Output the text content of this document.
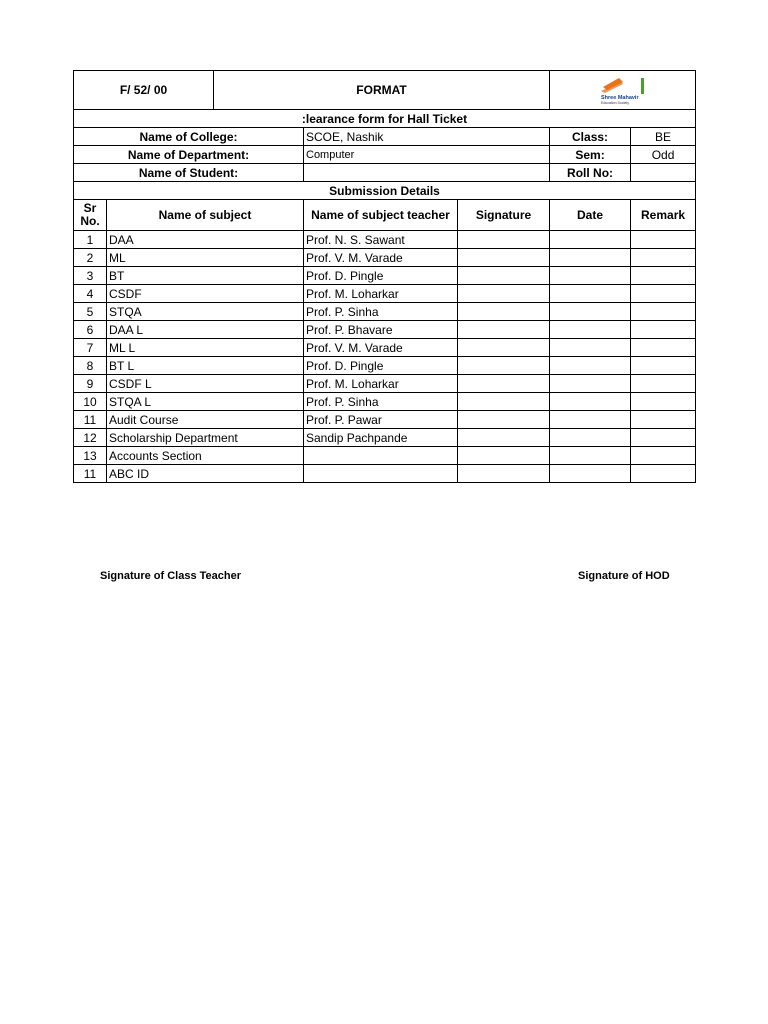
F/ 52/ 00		FORMAT			Shree Mahavir
Education Society	

:learance form for Hall Ticket						
Name of College:			SCOE, Nashik		Class:	BE
Name of Department:			Computer		Sem:	Odd
Name of Student:					Roll No:	
Submission Details						
Sr No.	Name of subject		Name of subject teacher	Signature	Date	Remark
1	DAA		Prof. N. S. Sawant			
2	ML		Prof. V. M. Varade			
3	BT		Prof. D. Pingle			
4	CSDF		Prof. M. Loharkar			
5	STQA		Prof. P. Sinha			
6	DAA L		Prof. P. Bhavare			
7	ML L		Prof. V. M. Varade			
8	BT L		Prof. D. Pingle			
9	CSDF L		Prof. M. Loharkar			
10	STQA L		Prof. P. Sinha			
11	Audit Course		Prof. P. Pawar			
12	Scholarship Department		Sandip Pachpande			
13	Accounts Section					
11	ABC ID					
Signature of Class Teacher	Signature of HOD
